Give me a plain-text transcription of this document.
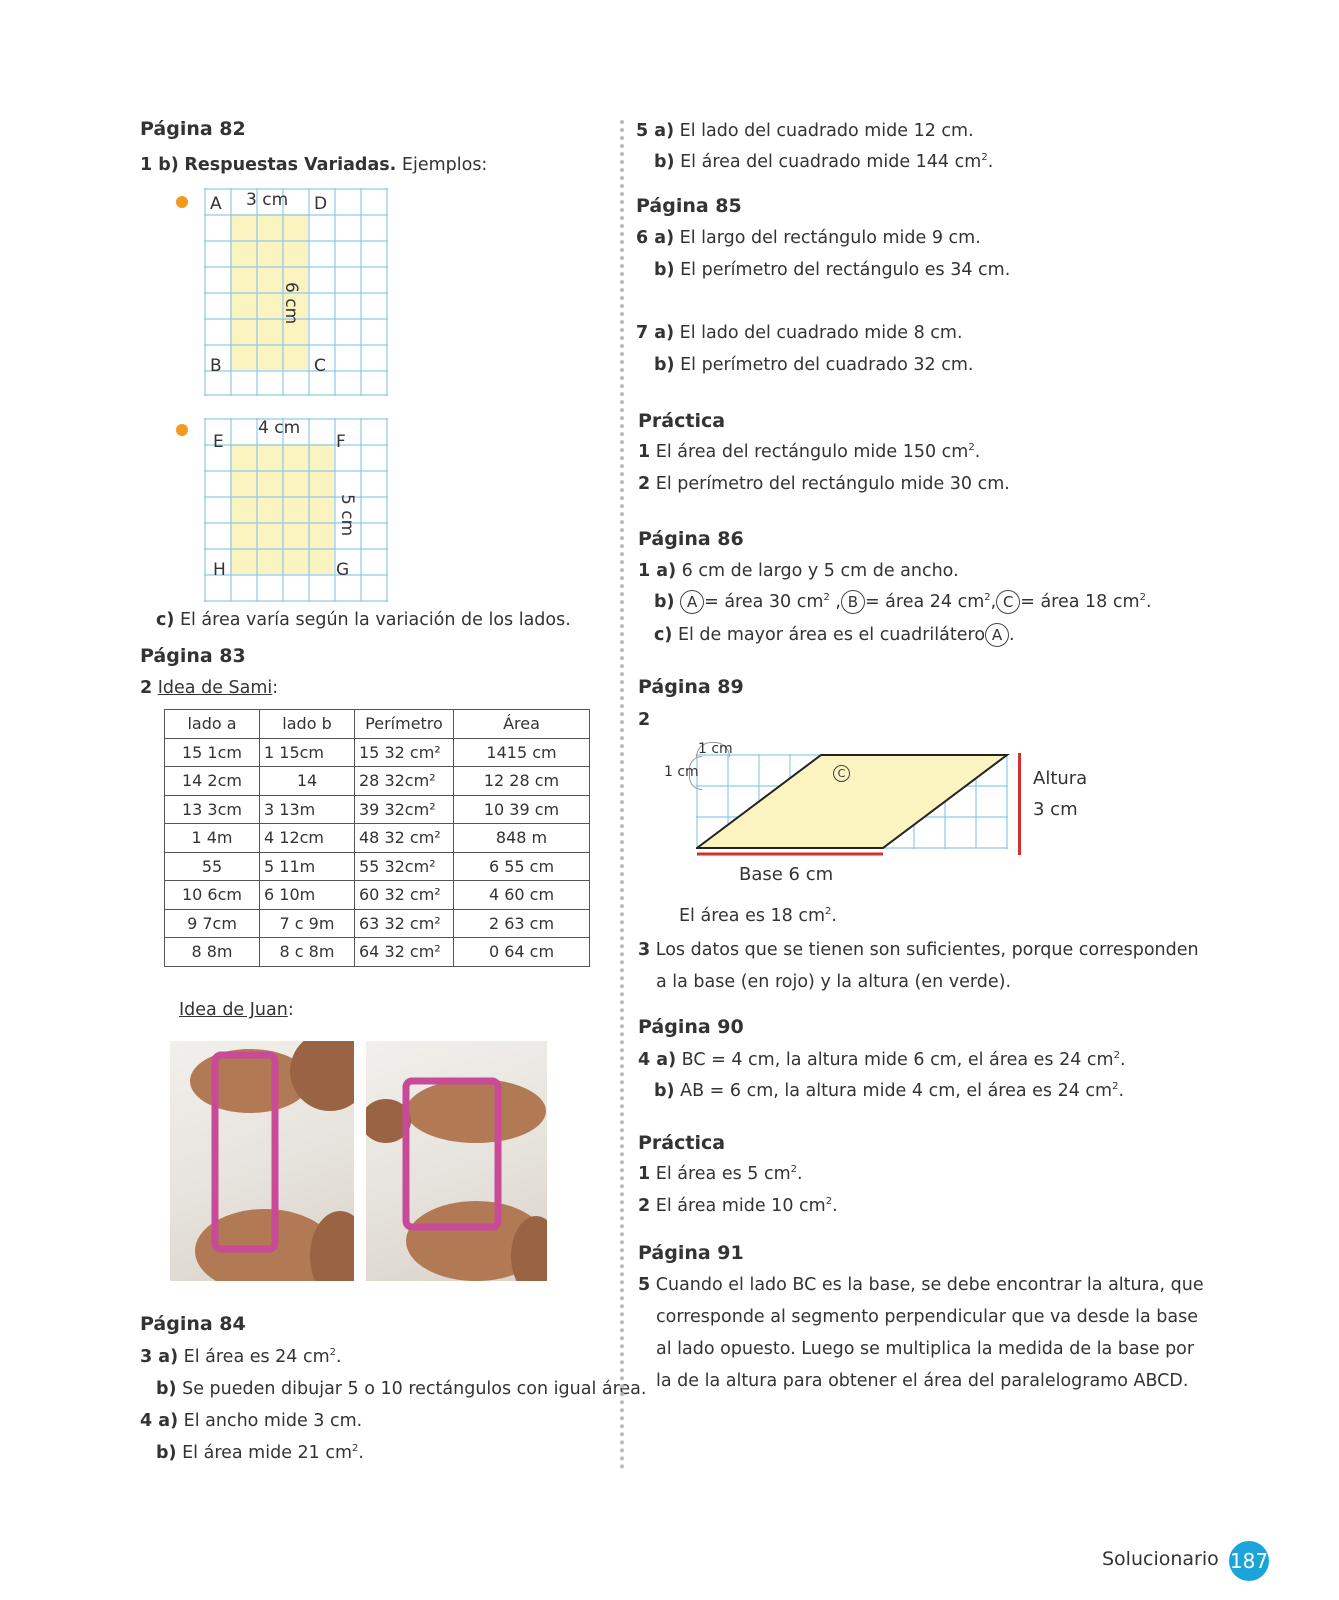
Página 82
1 b) Respuestas Variadas. Ejemplos:
A 3 cm D
6 cm
B	C
E
4 cm
F
5 cm
H	G
c) El área varía según la variación de los lados.
Página 83
2 Idea de Sami:
lado a	lado b	Perímetro	Área
15 1cm	1 15cm	15 32 cm²	1415 cm
14 2cm	14	28 32cm²	12 28 cm
13 3cm	3 13m	39 32cm²	10 39 cm
1 4m	4 12cm	48 32 cm²	848 m
55	5 11m	55 32cm²	6 55 cm
10 6cm	6 10m	60 32 cm²	4 60 cm
9 7cm	7 c 9m	63 32 cm²	2 63 cm
8 8m	8 c 8m	64 32 cm²	0 64 cm
Idea de Juan:
Página 84
3 a) El área es 24 $cm^2$.
b) Se pueden dibujar 5 o 10 rectángulos con igual área.
4 a) El ancho mide 3 cm.
b) El área mide 21 $cm^2$.
5 a) El lado del cuadrado mide 12 cm.
b) El área del cuadrado mide 144 $cm^2$.
Página 85
6 a) El largo del rectángulo mide 9 cm.
b) El perímetro del rectángulo es 34 cm.
7 a) El lado del cuadrado mide 8 cm.
b) El perímetro del cuadrado 32 cm.
Práctica
1 El área del rectángulo mide 150 $cm^2$.
2 El perímetro del rectángulo mide 30 cm.
Página 86
1 a) 6 cm de largo y 5 cm de ancho.
b) A = área 30 $cm^2$ , B = área 24 $cm^2$, C = área 18 $cm^2$.
c) El de mayor área es el cuadrilátero A .
Página 89
2
1 cm
1 cm	C	Altura
3 cm
Base 6 cm
El área es 18 $cm^2$.
3 Los datos que se tienen son suficientes, porque corresponden
a la base (en rojo) y la altura (en verde).
Página 90
4 a) BC = 4 cm, la altura mide 6 cm, el área es 24 $cm^2$.
b) AB = 6 cm, la altura mide 4 cm, el área es 24 $cm^2$.
Práctica
1 El área es 5 $cm^2$.
2 El área mide 10 $cm^2$.
Página 91
5 Cuando el lado BC es la base, se debe encontrar la altura, que
corresponde al segmento perpendicular que va desde la base
al lado opuesto. Luego se multiplica la medida de la base por
la de la altura para obtener el área del paralelogramo ABCD.
Solucionario 187
